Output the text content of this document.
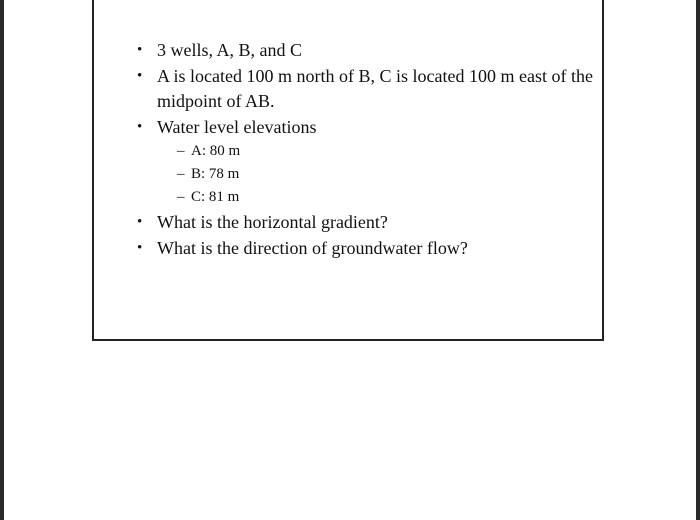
• 3 wells, A, B, and C
• A is located 100 m north of B, C is located 100 m east of the midpoint of AB.
• Water level elevations
– A: 80 m
– B: 78 m
– C: 81 m
• What is the horizontal gradient?
• What is the direction of groundwater flow?
